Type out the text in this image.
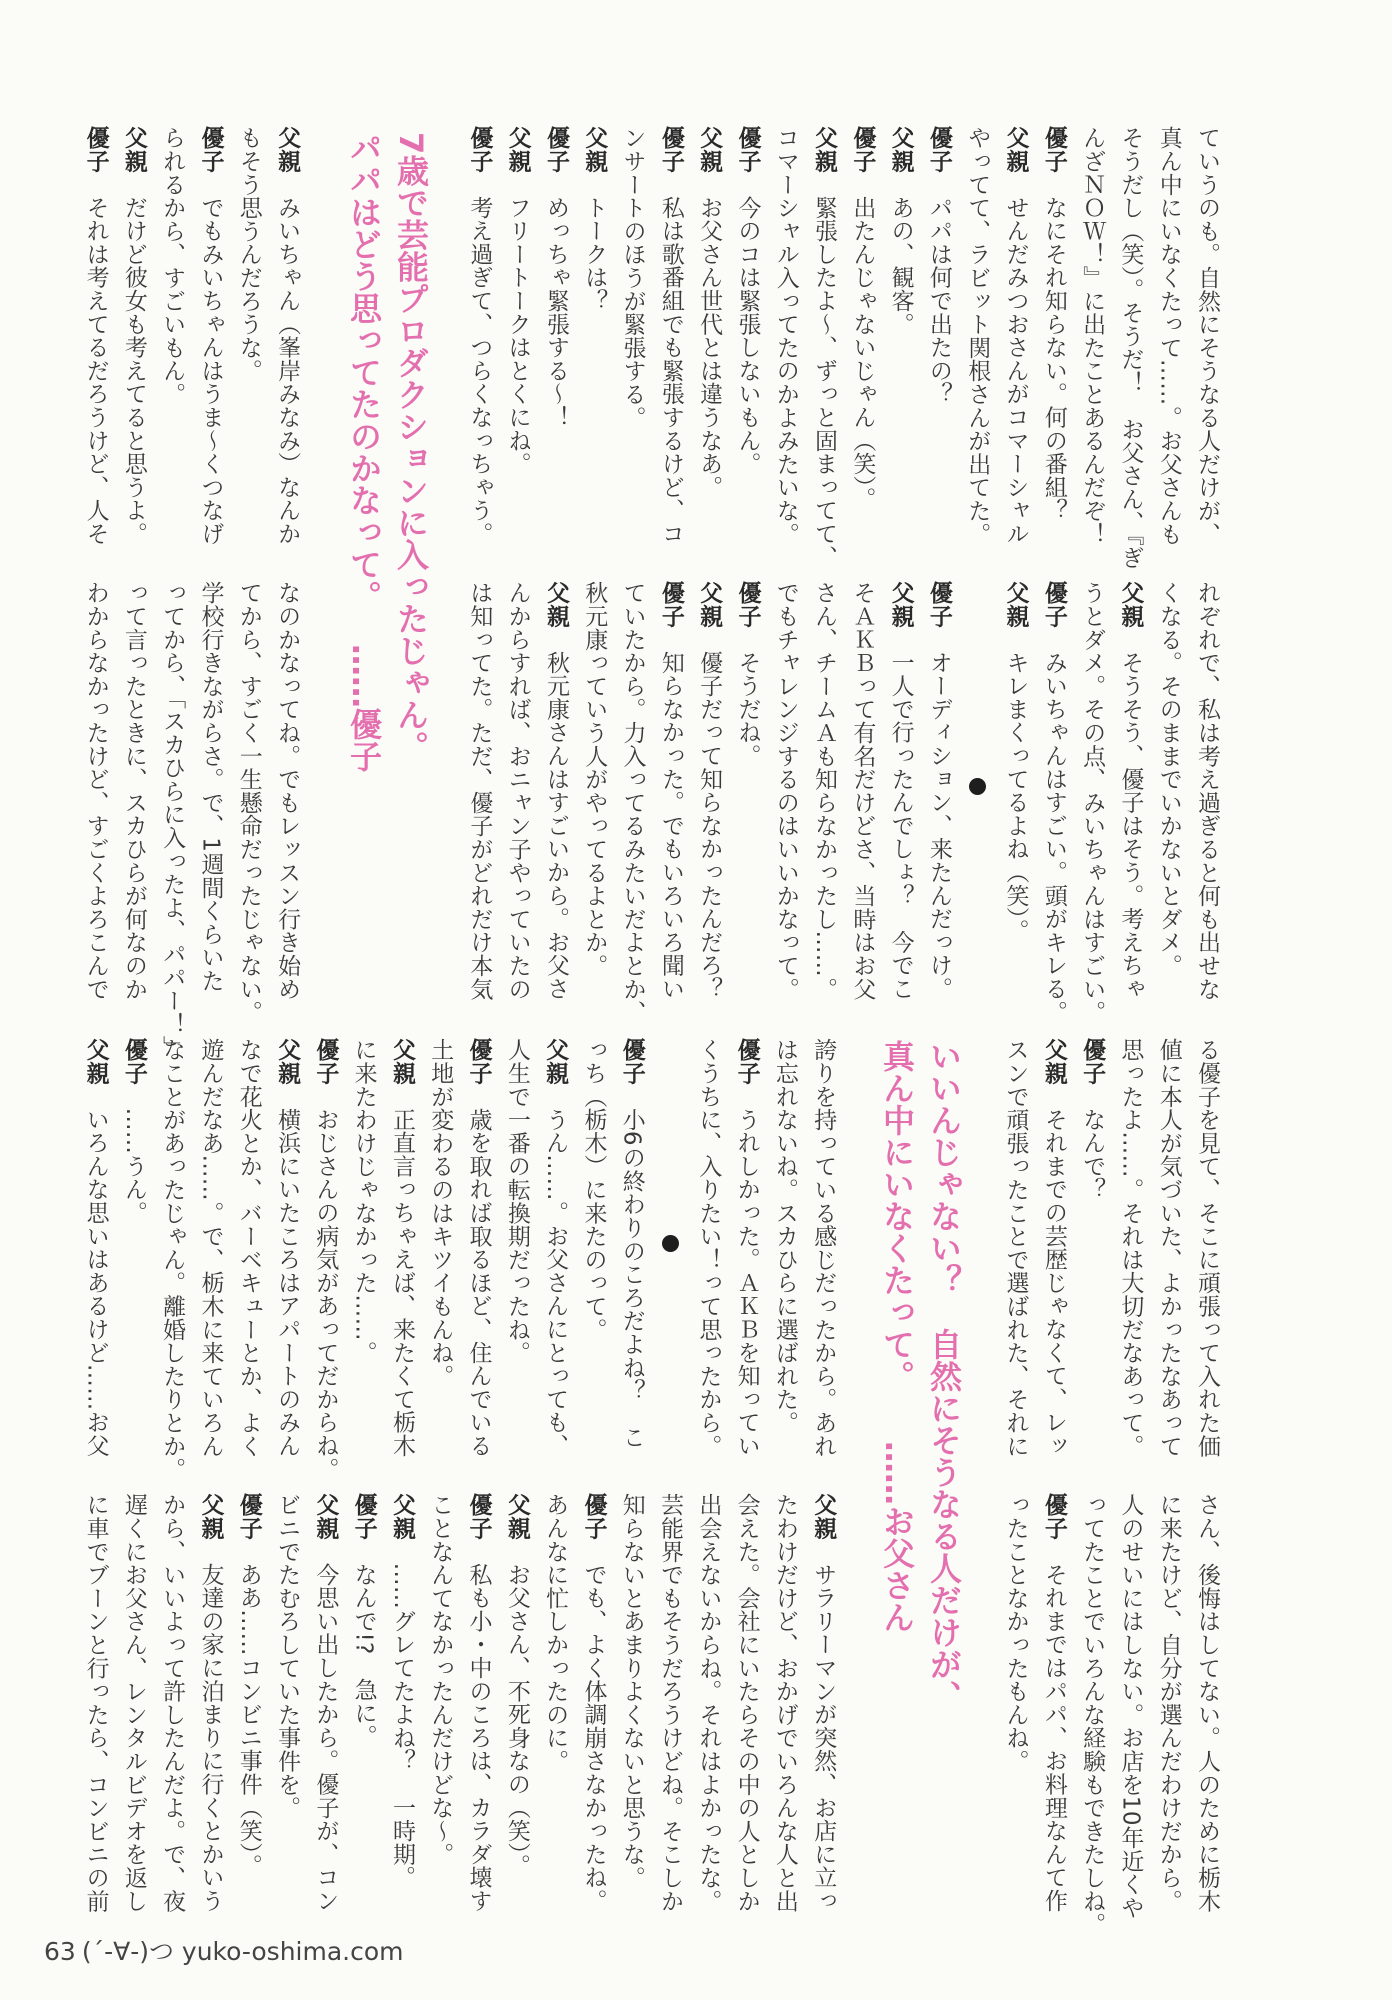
ていうのも。自然にそうなる人だけが、
真ん中にいなくたって……。お父さんも
そうだし（笑）。そうだ！　お父さん、『ぎ
んざＮＯＷ！』に出たことあるんだぞ！
優子なにそれ知らない。何の番組？
父親せんだみつおさんがコマーシャル
やってて、ラビット関根さんが出てた。
優子パパは何で出たの？
父親あの、観客。
優子出たんじゃないじゃん（笑）。
父親緊張したよ〜、ずっと固まってて、
コマーシャル入ってたのかよみたいな。
優子今のコは緊張しないもん。
父親お父さん世代とは違うなあ。
優子私は歌番組でも緊張するけど、コ
ンサートのほうが緊張する。
父親トークは？
優子めっちゃ緊張する〜！
父親フリートークはとくにね。
優子考え過ぎて、つらくなっちゃう。
父親みいちゃん（峯岸みなみ）なんか
もそう思うんだろうな。
優子でもみいちゃんはうま〜くつなげ
られるから、すごいもん。
父親だけど彼女も考えてると思うよ。
優子それは考えてるだろうけど、人そ
れぞれで、私は考え過ぎると何も出せな
くなる。そのままでいかないとダメ。
父親そうそう、優子はそう。考えちゃ
うとダメ。その点、みいちゃんはすごい。
優子みいちゃんはすごい。頭がキレる。
父親キレまくってるよね（笑）。
優子オーディション、来たんだっけ。
父親一人で行ったんでしょ？　今でこ
そＡＫＢって有名だけどさ、当時はお父
さん、チームＡも知らなかったし……。
でもチャレンジするのはいいかなって。
優子そうだね。
父親優子だって知らなかったんだろ？
優子知らなかった。でもいろいろ聞い
ていたから。力入ってるみたいだよとか、
秋元康っていう人がやってるよとか。
父親秋元康さんはすごいから。お父さ
んからすれば、おニャン子やっていたの
は知ってた。ただ、優子がどれだけ本気
なのかなってね。でもレッスン行き始め
てから、すごく一生懸命だったじゃない。
学校行きながらさ。で、1週間くらいた
ってから、「スカひらに入ったよ、パパー！」
って言ったときに、スカひらが何なのか
わからなかったけど、すごくよろこんで
る優子を見て、そこに頑張って入れた価
値に本人が気づいた、よかったなあって
思ったよ……。それは大切だなあって。
優子なんで？
父親それまでの芸歴じゃなくて、レッ
スンで頑張ったことで選ばれた、それに
誇りを持っている感じだったから。あれ
は忘れないね。スカひらに選ばれた。
優子うれしかった。ＡＫＢを知ってい
くうちに、入りたい！って思ったから。
優子小6の終わりのころだよね？　こ
っち（栃木）に来たのって。
父親うん……。お父さんにとっても、
人生で一番の転換期だったね。
優子歳を取れば取るほど、住んでいる
土地が変わるのはキツイもんね。
父親正直言っちゃえば、来たくて栃木
に来たわけじゃなかった……。
優子おじさんの病気があってだからね。
父親横浜にいたころはアパートのみん
なで花火とか、バーベキューとか、よく
遊んだなあ……。で、栃木に来ていろん
なことがあったじゃん。離婚したりとか。
優子……うん。
父親いろんな思いはあるけど……お父
さん、後悔はしてない。人のために栃木
に来たけど、自分が選んだわけだから。
人のせいにはしない。お店を10年近くや
ってたことでいろんな経験もできたしね。
優子それまではパパ、お料理なんて作
ったことなかったもんね。
父親サラリーマンが突然、お店に立っ
たわけだけど、おかげでいろんな人と出
会えた。会社にいたらその中の人としか
出会えないからね。それはよかったな。
芸能界でもそうだろうけどね。そこしか
知らないとあまりよくないと思うな。
優子でも、よく体調崩さなかったね。
あんなに忙しかったのに。
父親お父さん、不死身なの（笑）。
優子私も小・中のころは、カラダ壊す
ことなんてなかったんだけどな〜。
父親……グレてたよね？　一時期。
優子なんで!?　急に。
父親今思い出したから。優子が、コン
ビニでたむろしていた事件を。
優子ああ……コンビニ事件（笑）。
父親友達の家に泊まりに行くとかいう
から、いいよって許したんだよ。で、夜
遅くにお父さん、レンタルビデオを返し
に車でブーンと行ったら、コンビニの前
7歳で芸能プロダクションに入ったじゃん。
パパはどう思ってたのかなって。
……優子
いいんじゃない？　自然にそうなる人だけが、
真ん中にいなくたって。
……お父さん
63 (´-∀-)つ yuko-oshima.com
